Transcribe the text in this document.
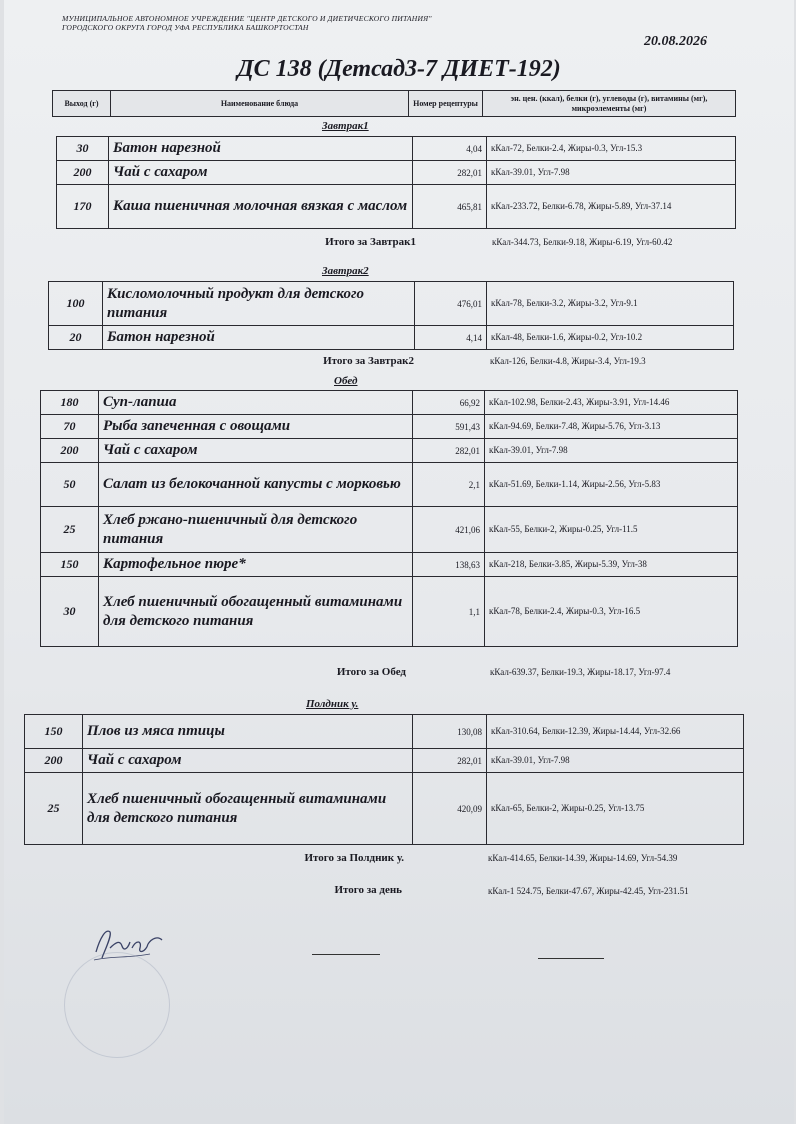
МУНИЦИПАЛЬНОЕ АВТОНОМНОЕ УЧРЕЖДЕНИЕ "ЦЕНТР ДЕТСКОГО И ДИЕТИЧЕСКОГО ПИТАНИЯ" ГОРОДСКОГО ОКРУГА ГОРОД УФА РЕСПУБЛИКА БАШКОРТОСТАН
20.08.2026
ДС 138 (Детсад3-7 ДИЕТ-192)
Выход (г)	Наименование блюда	Номер рецептуры	эн. цен. (ккал), белки (г), углеводы (г), витамины (мг), микроэлементы (мг)
Завтрак1
30	Батон нарезной	4,04	кКал-72, Белки-2.4, Жиры-0.3, Угл-15.3
200	Чай с сахаром	282,01	кКал-39.01, Угл-7.98
170	Каша пшеничная молочная вязкая с маслом	465,81	кКал-233.72, Белки-6.78, Жиры-5.89, Угл-37.14
Итого за Завтрак1	кКал-344.73, Белки-9.18, Жиры-6.19, Угл-60.42
Завтрак2
100	Кисломолочный продукт для детского питания	476,01	кКал-78, Белки-3.2, Жиры-3.2, Угл-9.1
20	Батон нарезной	4,14	кКал-48, Белки-1.6, Жиры-0.2, Угл-10.2
Итого за Завтрак2	кКал-126, Белки-4.8, Жиры-3.4, Угл-19.3
Обед
180	Суп-лапша	66,92	кКал-102.98, Белки-2.43, Жиры-3.91, Угл-14.46
70	Рыба запеченная с овощами	591,43	кКал-94.69, Белки-7.48, Жиры-5.76, Угл-3.13
200	Чай с сахаром	282,01	кКал-39.01, Угл-7.98
50	Салат из белокочанной капусты с морковью	2,1	кКал-51.69, Белки-1.14, Жиры-2.56, Угл-5.83
25	Хлеб ржано-пшеничный для детского питания	421,06	кКал-55, Белки-2, Жиры-0.25, Угл-11.5
150	Картофельное пюре*	138,63	кКал-218, Белки-3.85, Жиры-5.39, Угл-38
30	Хлеб пшеничный обогащенный витаминами для детского питания	1,1	кКал-78, Белки-2.4, Жиры-0.3, Угл-16.5
Итого за Обед	кКал-639.37, Белки-19.3, Жиры-18.17, Угл-97.4
Полдник у.
150	Плов из мяса птицы	130,08	кКал-310.64, Белки-12.39, Жиры-14.44, Угл-32.66
200	Чай с сахаром	282,01	кКал-39.01, Угл-7.98
25	Хлеб пшеничный обогащенный витаминами для детского питания	420,09	кКал-65, Белки-2, Жиры-0.25, Угл-13.75
Итого за Полдник у.	кКал-414.65, Белки-14.39, Жиры-14.69, Угл-54.39
Итого за день	кКал-1 524.75, Белки-47.67, Жиры-42.45, Угл-231.51
